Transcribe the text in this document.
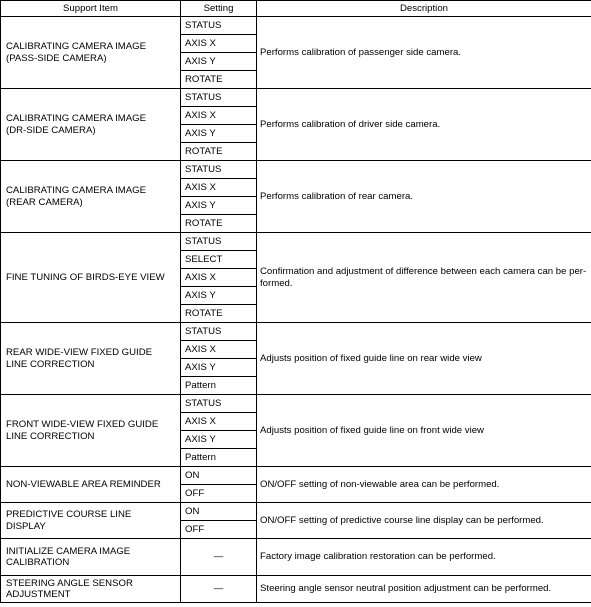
Support Item	Setting	Description
CALIBRATING CAMERA IMAGE
(PASS-SIDE CAMERA)	STATUS	Performs calibration of passenger side camera.
	AXIS X	
	AXIS Y	
	ROTATE	
CALIBRATING CAMERA IMAGE
(DR-SIDE CAMERA)	STATUS	Performs calibration of driver side camera.
	AXIS X	
	AXIS Y	
	ROTATE	
CALIBRATING CAMERA IMAGE
(REAR CAMERA)	STATUS	Performs calibration of rear camera.
	AXIS X	
	AXIS Y	
	ROTATE	
FINE TUNING OF BIRDS-EYE VIEW	STATUS	Confirmation and adjustment of difference between each camera can be per-
formed.
	SELECT	
	AXIS X	
	AXIS Y	
	ROTATE	
REAR WIDE-VIEW FIXED GUIDE
LINE CORRECTION	STATUS	Adjusts position of fixed guide line on rear wide view
	AXIS X	
	AXIS Y	
	Pattern	
FRONT WIDE-VIEW FIXED GUIDE
LINE CORRECTION	STATUS	Adjusts position of fixed guide line on front wide view
	AXIS X	
	AXIS Y	
	Pattern	
NON-VIEWABLE AREA REMINDER	ON	ON/OFF setting of non-viewable area can be performed.
	OFF	
PREDICTIVE COURSE LINE
DISPLAY	ON	ON/OFF setting of predictive course line display can be performed.
	OFF	
INITIALIZE CAMERA IMAGE
CALIBRATION	—	Factory image calibration restoration can be performed.
STEERING ANGLE SENSOR
ADJUSTMENT	—	Steering angle sensor neutral position adjustment can be performed.
